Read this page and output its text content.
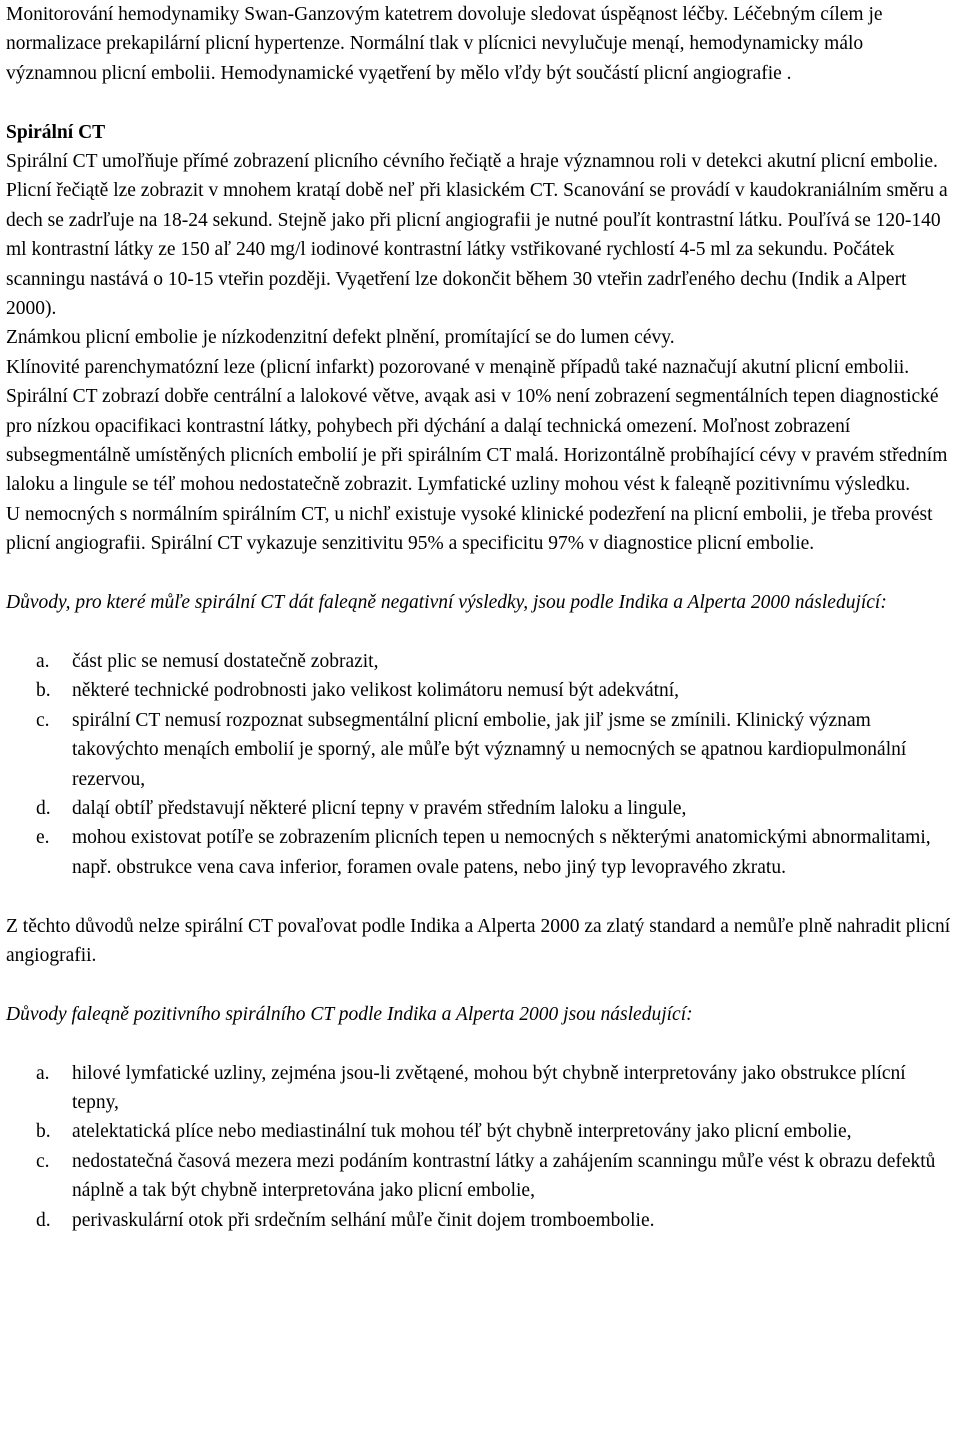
Monitorování hemodynamiky Swan-Ganzovým katetrem dovoluje sledovat úspěąnost léčby. Léčebným cílem je normalizace prekapilární plicní hypertenze. Normální tlak v plícnici nevylučuje menąí, hemodynamicky málo významnou plicní embolii. Hemodynamické vyąetření by mělo vľdy být součástí plicní angiografie .

Spirální CT

Spirální CT umoľňuje přímé zobrazení plicního cévního řečiątě a hraje významnou roli v detekci akutní plicní embolie. Plicní řečiątě lze zobrazit v mnohem kratąí době neľ při klasickém CT. Scanování se provádí v kaudokraniálním směru a dech se zadrľuje na 18-24 sekund. Stejně jako při plicní angiografii je nutné pouľít kontrastní látku. Pouľívá se 120-140 ml kontrastní látky ze 150 aľ 240 mg/l iodinové kontrastní látky vstřikované rychlostí 4-5 ml za sekundu. Počátek scanningu nastává o 10-15 vteřin později. Vyąetření lze dokončit během 30 vteřin zadrľeného dechu (Indik a Alpert 2000).

Známkou plicní embolie je nízkodenzitní defekt plnění, promítající se do lumen cévy.

Klínovité parenchymatózní leze (plicní infarkt) pozorované v menąině případů také naznačují akutní plicní embolii. Spirální CT zobrazí dobře centrální a lalokové větve, avąak asi v 10% není zobrazení segmentálních tepen diagnostické pro nízkou opacifikaci kontrastní látky, pohybech při dýchání a daląí technická omezení. Moľnost zobrazení subsegmentálně umístěných plicních embolií je při spirálním CT malá. Horizontálně probíhající cévy v pravém středním laloku a lingule se téľ mohou nedostatečně zobrazit. Lymfatické uzliny mohou vést k faleąně pozitivnímu výsledku.

U nemocných s normálním spirálním CT, u nichľ existuje vysoké klinické podezření na plicní embolii, je třeba provést plicní angiografii. Spirální CT vykazuje senzitivitu 95% a specificitu 97% v diagnostice plicní embolie.

Důvody, pro které můľe spirální CT dát faleąně negativní výsledky, jsou podle Indika a Alperta 2000 následující:

a.	část plic se nemusí dostatečně zobrazit,
b.	některé technické podrobnosti jako velikost kolimátoru nemusí být adekvátní,
c.	spirální CT nemusí rozpoznat subsegmentální plicní embolie, jak jiľ jsme se zmínili. Klinický význam takovýchto menąích embolií je sporný, ale můľe být významný u nemocných se ąpatnou kardiopulmonální rezervou,
d.	daląí obtíľ představují některé plicní tepny v pravém středním laloku a lingule,
e.	mohou existovat potíľe se zobrazením plicních tepen u nemocných s některými anatomickými abnormalitami, např. obstrukce vena cava inferior, foramen ovale patens, nebo jiný typ levopravého zkratu.

Z těchto důvodů nelze spirální CT povaľovat podle Indika a Alperta 2000 za zlatý standard a nemůľe plně nahradit plicní angiografii.

Důvody faleąně pozitivního spirálního CT podle Indika a Alperta 2000 jsou následující:

a.	hilové lymfatické uzliny, zejména jsou-li zvětąené, mohou být chybně interpretovány jako obstrukce plícní tepny,
b.	atelektatická plíce nebo mediastinální tuk mohou téľ být chybně interpretovány jako plicní embolie,
c.	nedostatečná časová mezera mezi podáním kontrastní látky a zahájením scanningu můľe vést k obrazu defektů náplně a tak být chybně interpretována jako plicní embolie,
d.	perivaskulární otok při srdečním selhání můľe činit dojem tromboembolie.
